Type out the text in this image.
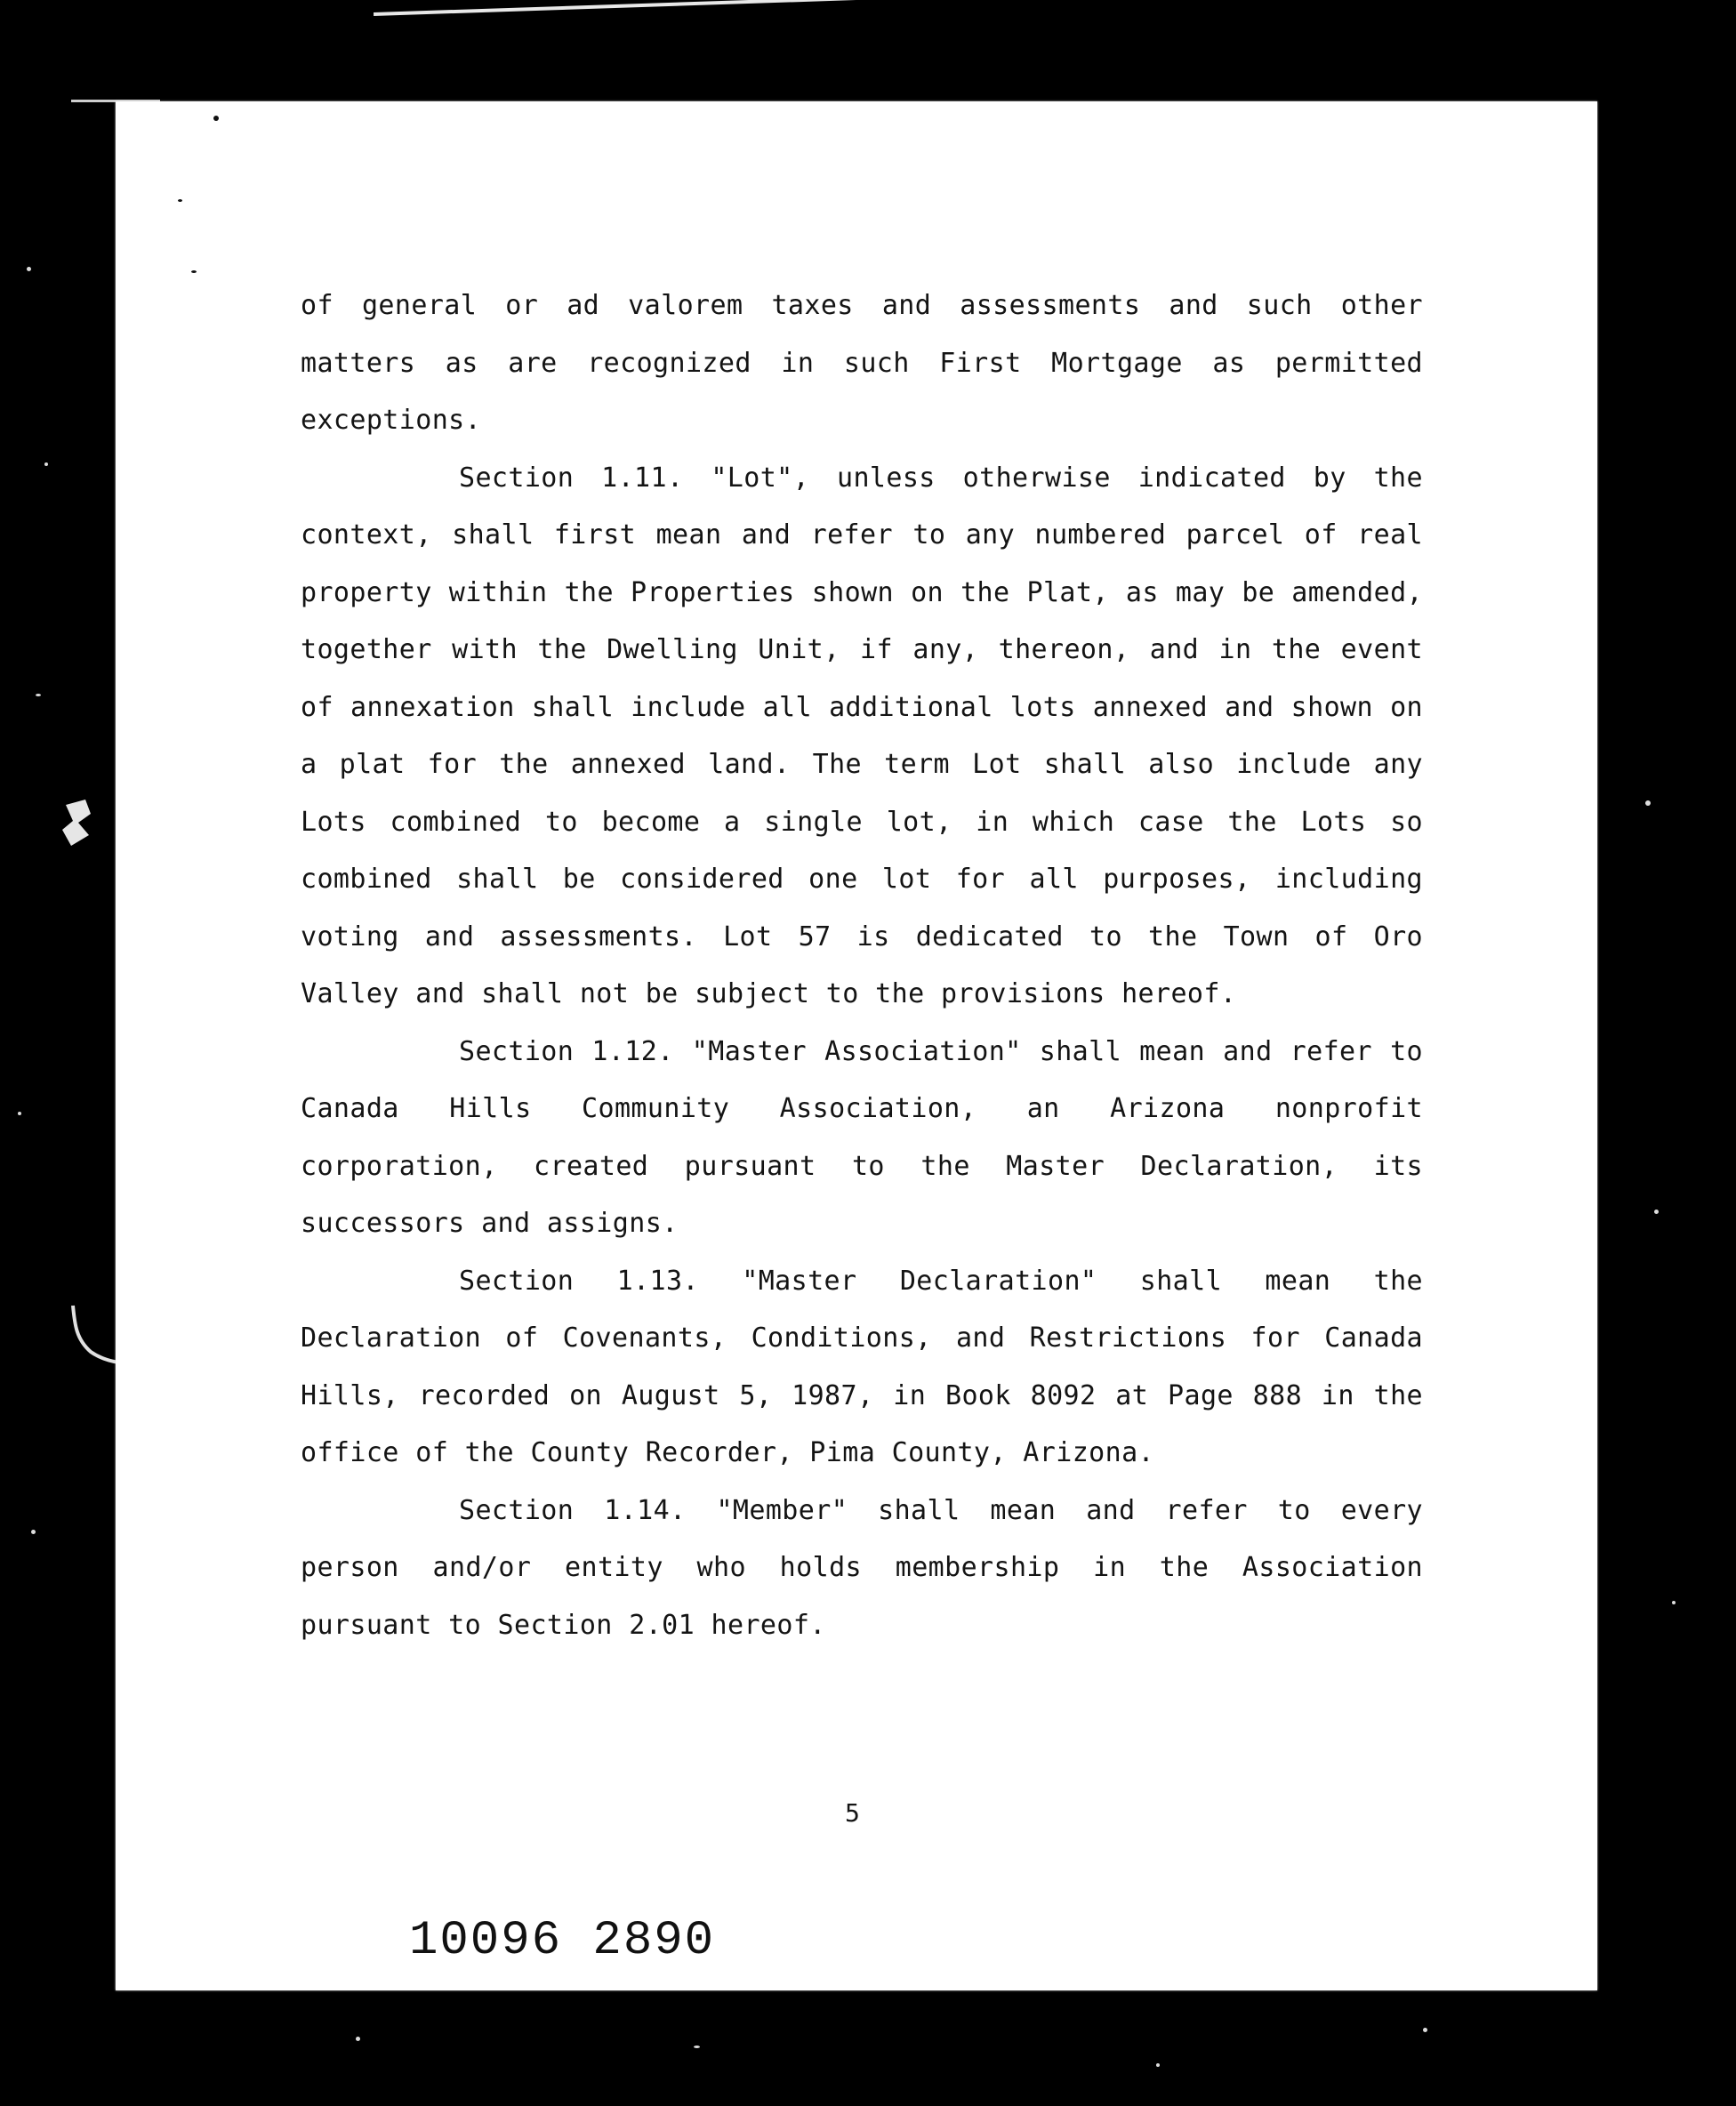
of general or ad valorem taxes and assessments and such other matters as are recognized in such First Mortgage as permitted exceptions.

Section 1.11. "Lot", unless otherwise indicated by the context, shall first mean and refer to any numbered parcel of real property within the Properties shown on the Plat, as may be amended, together with the Dwelling Unit, if any, thereon, and in the event of annexation shall include all additional lots annexed and shown on a plat for the annexed land. The term Lot shall also include any Lots combined to become a single lot, in which case the Lots so combined shall be considered one lot for all purposes, including voting and assessments. Lot 57 is dedicated to the Town of Oro Valley and shall not be subject to the provisions hereof.

Section 1.12. "Master Association" shall mean and refer to Canada Hills Community Association, an Arizona nonprofit corporation, created pursuant to the Master Declaration, its successors and assigns.

Section 1.13. "Master Declaration" shall mean the Declaration of Covenants, Conditions, and Restrictions for Canada Hills, recorded on August 5, 1987, in Book 8092 at Page 888 in the office of the County Recorder, Pima County, Arizona.

Section 1.14. "Member" shall mean and refer to every person and/or entity who holds membership in the Association pursuant to Section 2.01 hereof.

5
10096 2890
